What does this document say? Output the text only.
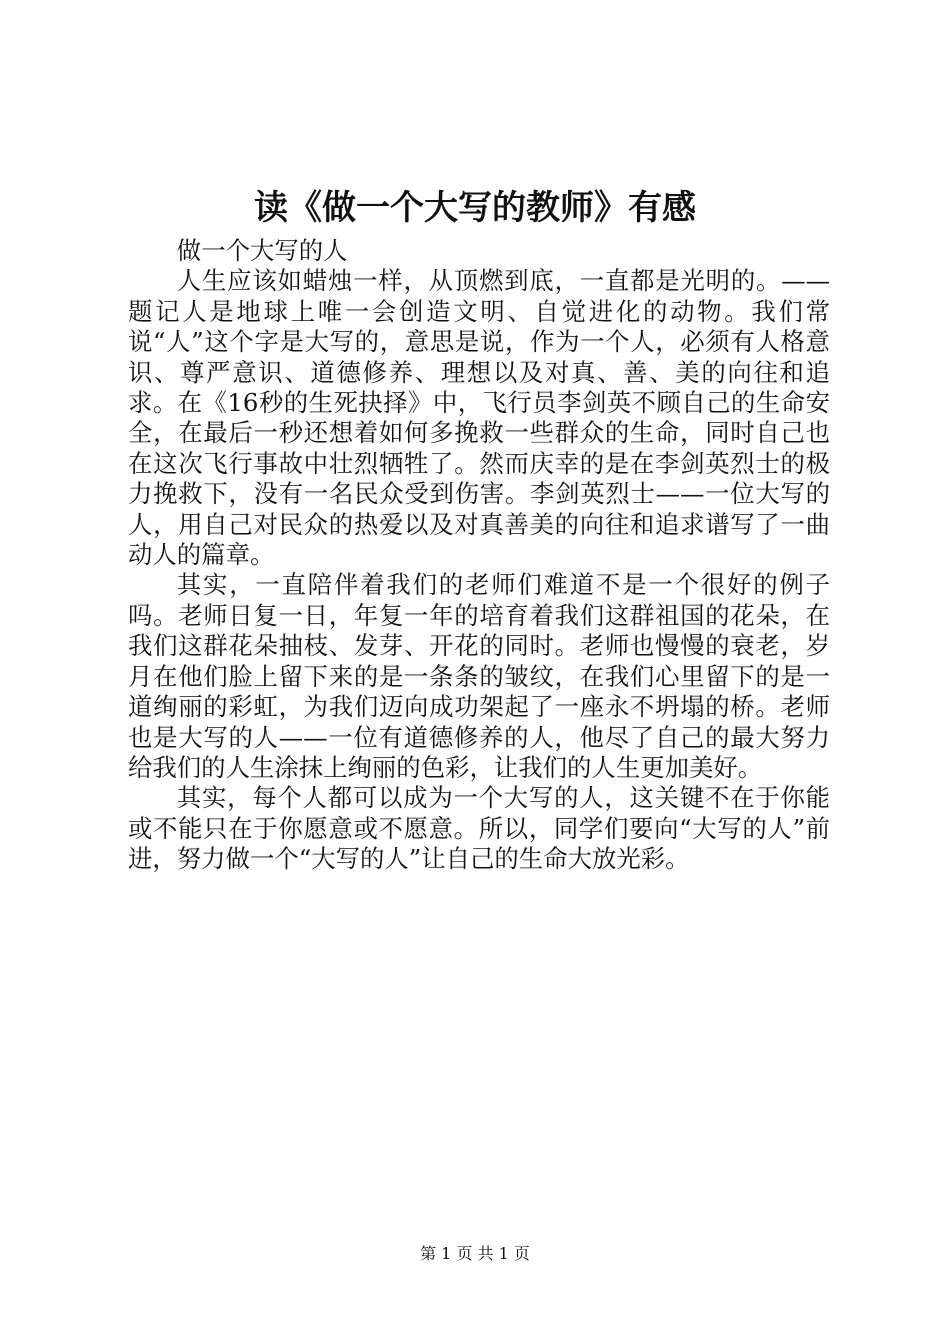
读《做一个大写的教师》有感

做一个大写的人

人生应该如蜡烛一样，从顶燃到底，一直都是光明的。——题记人是地球上唯一会创造文明、自觉进化的动物。我们常说“人”这个字是大写的，意思是说，作为一个人，必须有人格意识、尊严意识、道德修养、理想以及对真、善、美的向往和追求。在《16秒的生死抉择》中，飞行员李剑英不顾自己的生命安全，在最后一秒还想着如何多挽救一些群众的生命，同时自己也在这次飞行事故中壮烈牺牲了。然而庆幸的是在李剑英烈士的极力挽救下，没有一名民众受到伤害。李剑英烈士——一位大写的人，用自己对民众的热爱以及对真善美的向往和追求谱写了一曲动人的篇章。

其实，一直陪伴着我们的老师们难道不是一个很好的例子吗。老师日复一日，年复一年的培育着我们这群祖国的花朵，在我们这群花朵抽枝、发芽、开花的同时。老师也慢慢的衰老，岁月在他们脸上留下来的是一条条的皱纹，在我们心里留下的是一道绚丽的彩虹，为我们迈向成功架起了一座永不坍塌的桥。老师也是大写的人——一位有道德修养的人，他尽了自己的最大努力给我们的人生涂抹上绚丽的色彩，让我们的人生更加美好。

其实，每个人都可以成为一个大写的人，这关键不在于你能或不能只在于你愿意或不愿意。所以，同学们要向“大写的人”前进，努力做一个“大写的人”让自己的生命大放光彩。

第 1 页 共 1 页
